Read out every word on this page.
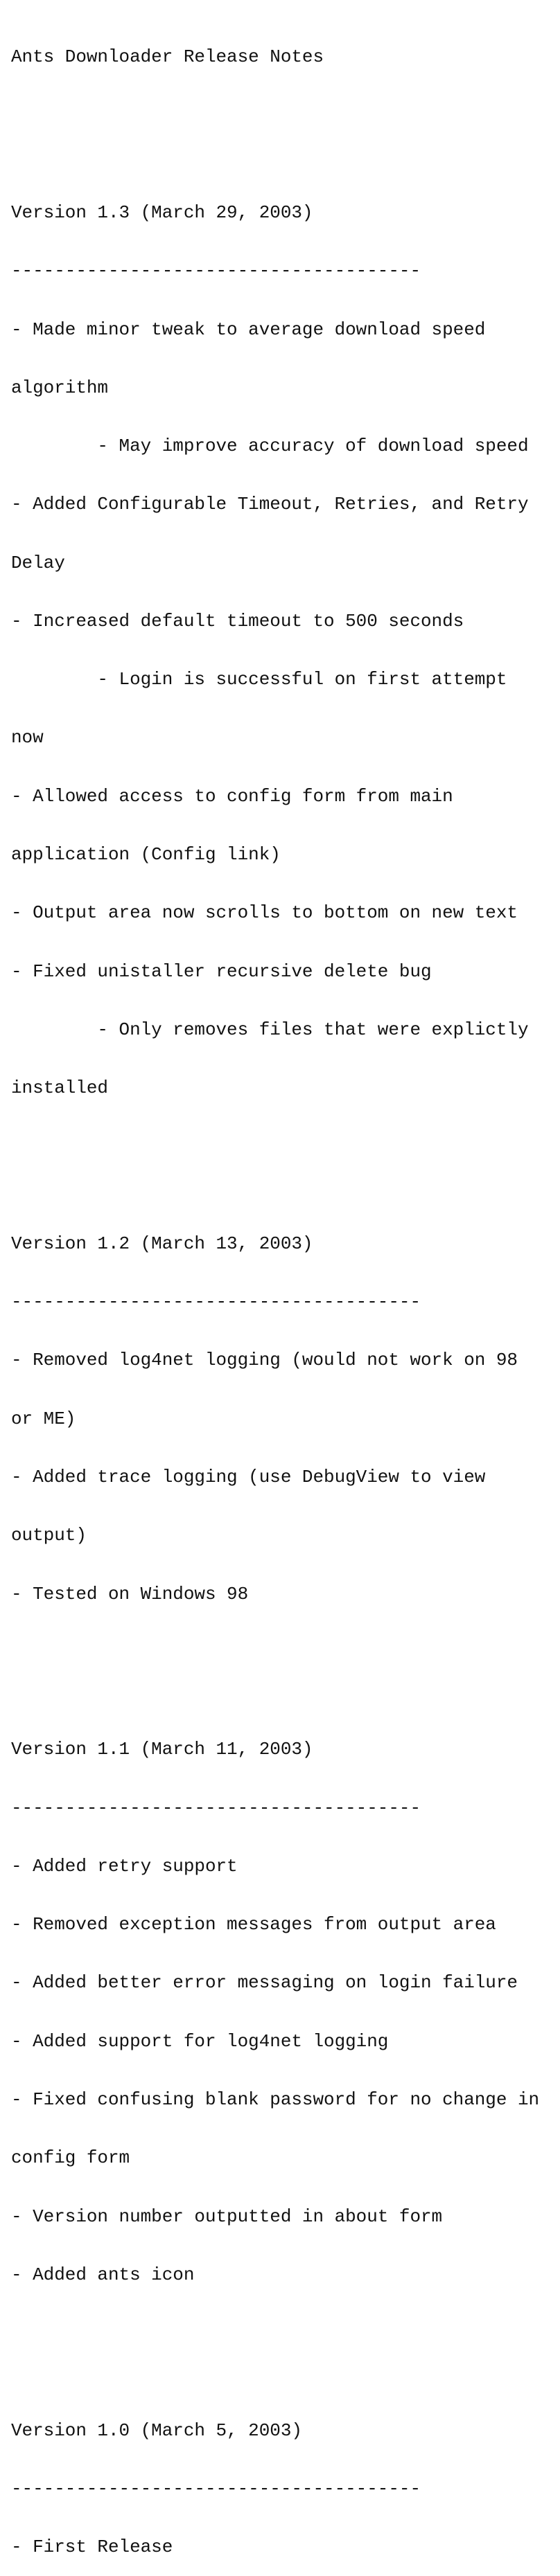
Ants Downloader Release Notes

Version 1.3 (March 29, 2003)

--------------------------------------

- Made minor tweak to average download speed

algorithm

- May improve accuracy of download speed

- Added Configurable Timeout, Retries, and Retry

Delay

- Increased default timeout to 500 seconds

- Login is successful on first attempt

now

- Allowed access to config form from main

application (Config link)

- Output area now scrolls to bottom on new text

- Fixed unistaller recursive delete bug

- Only removes files that were explictly

installed

Version 1.2 (March 13, 2003)

--------------------------------------

- Removed log4net logging (would not work on 98

or ME)

- Added trace logging (use DebugView to view

output)

- Tested on Windows 98

Version 1.1 (March 11, 2003)

--------------------------------------

- Added retry support

- Removed exception messages from output area

- Added better error messaging on login failure

- Added support for log4net logging

- Fixed confusing blank password for no change in

config form

- Version number outputted in about form

- Added ants icon

Version 1.0 (March 5, 2003)

--------------------------------------

- First Release
